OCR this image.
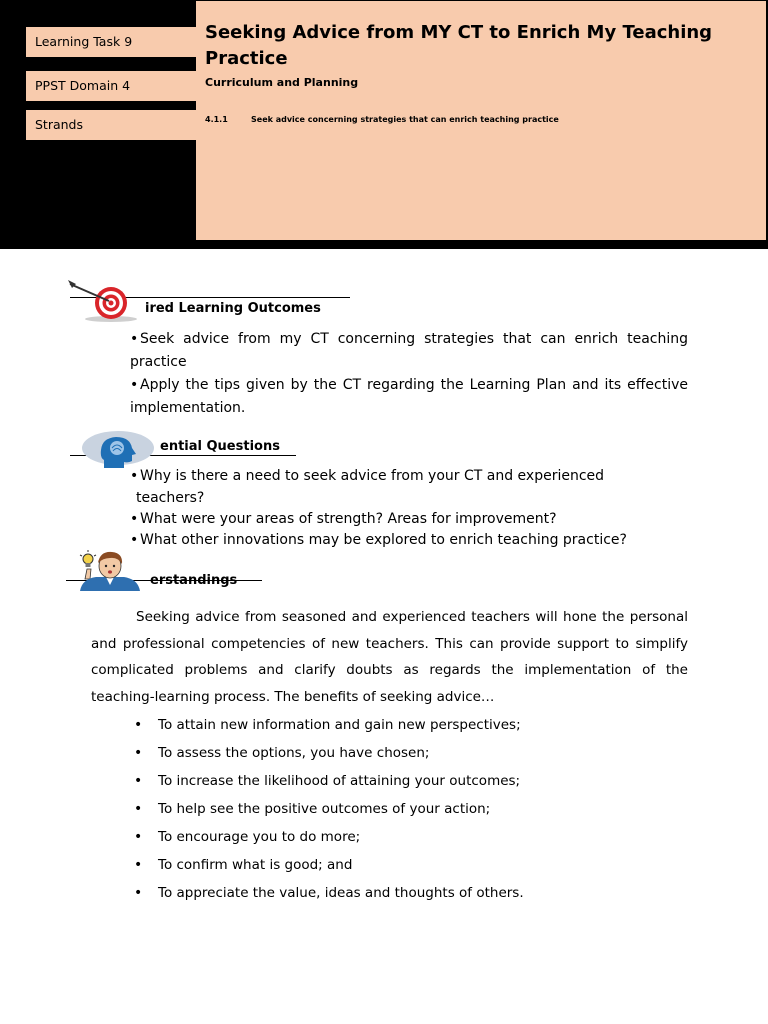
Learning Task 9
PPST Domain 4
Strands
Seeking Advice from MY CT to Enrich My Teaching Practice
Curriculum and Planning
4.1.1	Seek advice concerning strategies that can enrich teaching practice
ired Learning Outcomes
• Seek advice from my CT concerning strategies that can enrich teaching practice
• Apply the tips given by the CT regarding the Learning Plan and its effective implementation.
ential Questions
• Why is there a need to seek advice from your CT and experienced
teachers?
• What were your areas of strength? Areas for improvement?
• What other innovations may be explored to enrich teaching practice?
erstandings
Seeking advice from seasoned and experienced teachers will hone the personal and professional competencies of new teachers. This can provide support to simplify complicated problems and clarify doubts as regards the implementation of the teaching-learning process. The benefits of seeking advice…
• To attain new information and gain new perspectives;
• To assess the options, you have chosen;
• To increase the likelihood of attaining your outcomes;
• To help see the positive outcomes of your action;
• To encourage you to do more;
• To confirm what is good; and
• To appreciate the value, ideas and thoughts of others.
